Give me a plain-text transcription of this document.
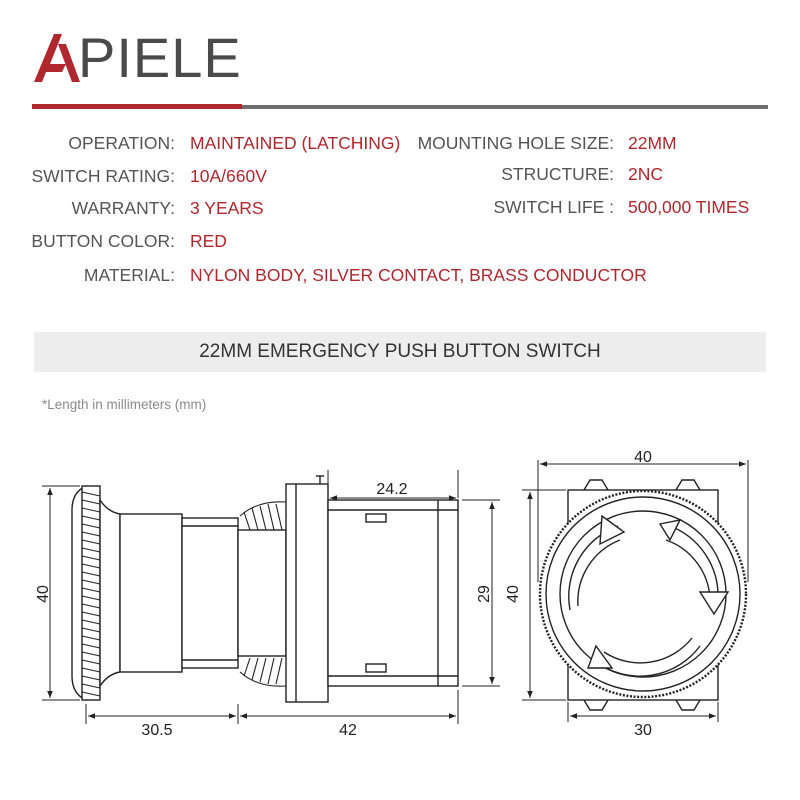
PIELE
OPERATION: MAINTAINED (LATCHING)
SWITCH RATING: 10A/660V
WARRANTY: 3 YEARS
BUTTON COLOR: RED
MATERIAL: NYLON BODY, SILVER CONTACT, BRASS CONDUCTOR
MOUNTING HOLE SIZE: 22MM
STRUCTURE: 2NC
SWITCH LIFE : 500,000 TIMES
22MM EMERGENCY PUSH BUTTON SWITCH
*Length in millimeters (mm)
40
30.5	42
24.2
29
40
40
30
